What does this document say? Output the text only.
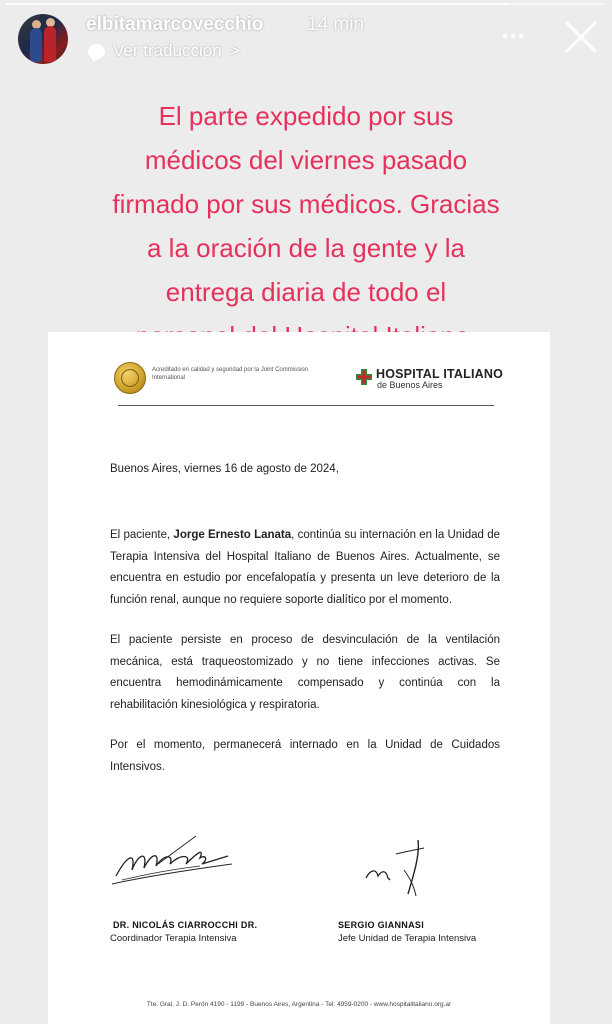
elbitamarcovecchio 14 min
Ver traducción >
El parte expedido por sus
médicos del viernes pasado
firmado por sus médicos. Gracias
a la oración de la gente y la
entrega diaria de todo el
Acreditado en calidad y seguridad por la Joint Commission International	HOSPITAL ITALIANO
de Buenos Aires
Buenos Aires, viernes 16 de agosto de 2024,
El paciente, Jorge Ernesto Lanata, continúa su internación en la Unidad de Terapia Intensiva del Hospital Italiano de Buenos Aires. Actualmente, se encuentra en estudio por encefalopatía y presenta un leve deterioro de la función renal, aunque no requiere soporte dialítico por el momento.
El paciente persiste en proceso de desvinculación de la ventilación mecánica, está traqueostomizado y no tiene infecciones activas. Se encuentra hemodinámicamente compensado y continúa con la rehabilitación kinesiológica y respiratoria.
Por el momento, permanecerá internado en la Unidad de Cuidados Intensivos.
DR. NICOLÁS CIARROCCHI DR.
Coordinador Terapia Intensiva
SERGIO GIANNASI
Jefe Unidad de Terapia Intensiva
Tte. Gral. J. D. Perón 4190 - 1199 - Buenos Aires, Argentina - Tel: 4959-0200 - www.hospitalitaliano.org.ar
